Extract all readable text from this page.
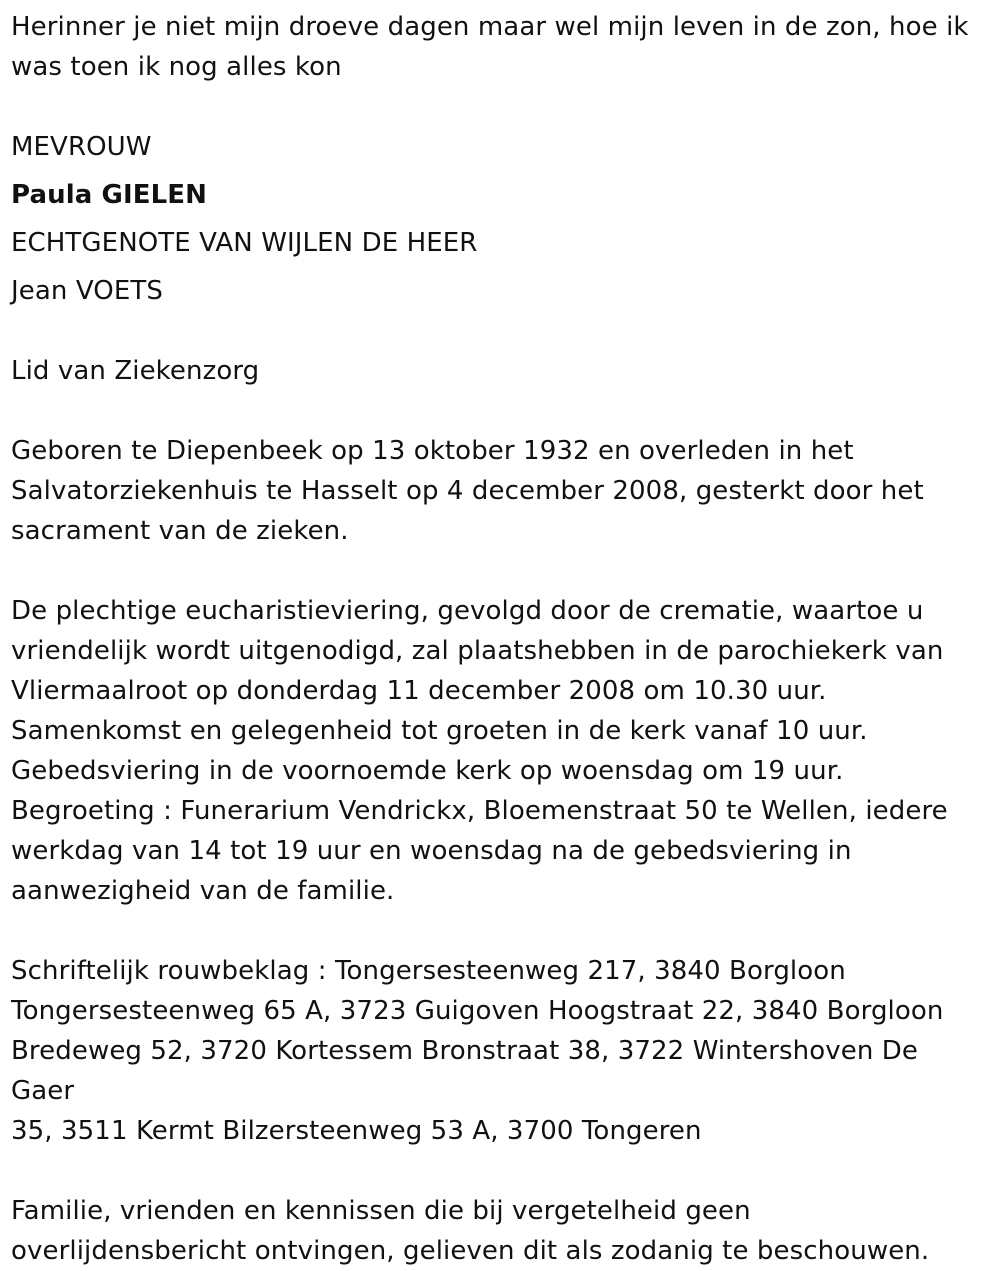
Herinner je niet mijn droeve dagen maar wel mijn leven in de zon, hoe ik
was toen ik nog alles kon

MEVROUW

Paula GIELEN

ECHTGENOTE VAN WIJLEN DE HEER

Jean VOETS

Lid van Ziekenzorg

Geboren te Diepenbeek op 13 oktober 1932 en overleden in het
Salvatorziekenhuis te Hasselt op 4 december 2008, gesterkt door het
sacrament van de zieken.

De plechtige eucharistieviering, gevolgd door de crematie, waartoe u
vriendelijk wordt uitgenodigd, zal plaatshebben in de parochiekerk van
Vliermaalroot op donderdag 11 december 2008 om 10.30 uur.
Samenkomst en gelegenheid tot groeten in de kerk vanaf 10 uur.
Gebedsviering in de voornoemde kerk op woensdag om 19 uur.
Begroeting : Funerarium Vendrickx, Bloemenstraat 50 te Wellen, iedere
werkdag van 14 tot 19 uur en woensdag na de gebedsviering in
aanwezigheid van de familie.

Schriftelijk rouwbeklag : Tongersesteenweg 217, 3840 Borgloon
Tongersesteenweg 65 A, 3723 Guigoven Hoogstraat 22, 3840 Borgloon
Bredeweg 52, 3720 Kortessem Bronstraat 38, 3722 Wintershoven De Gaer
35, 3511 Kermt Bilzersteenweg 53 A, 3700 Tongeren

Familie, vrienden en kennissen die bij vergetelheid geen
overlijdensbericht ontvingen, gelieven dit als zodanig te beschouwen.
